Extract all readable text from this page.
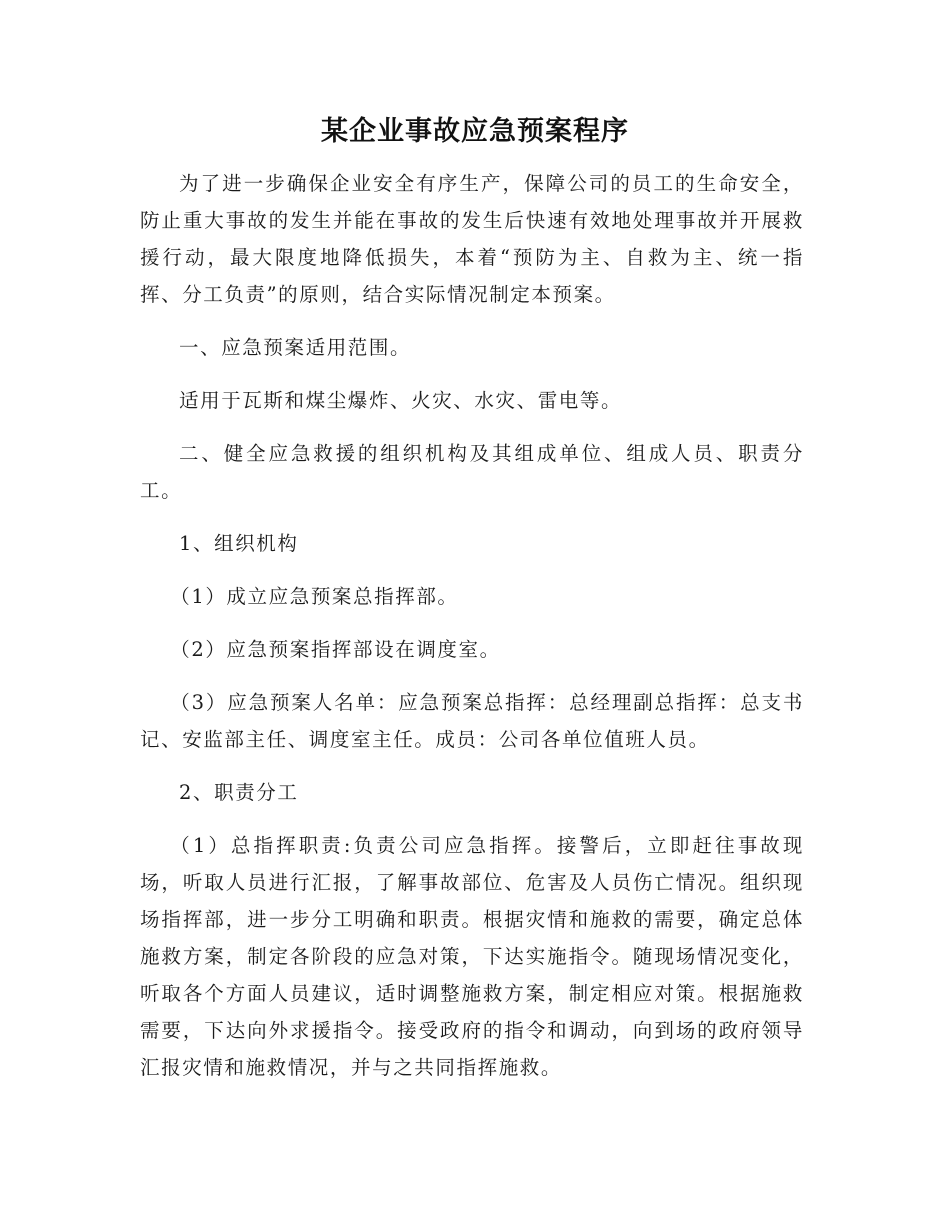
某企业事故应急预案程序

为了进一步确保企业安全有序生产，保障公司的员工的生命安全，防止重大事故的发生并能在事故的发生后快速有效地处理事故并开展救援行动，最大限度地降低损失，本着“预防为主、自救为主、统一指挥、分工负责”的原则，结合实际情况制定本预案。

一、应急预案适用范围。

适用于瓦斯和煤尘爆炸、火灾、水灾、雷电等。

二、健全应急救援的组织机构及其组成单位、组成人员、职责分工。

1、组织机构

（1）成立应急预案总指挥部。

（2）应急预案指挥部设在调度室。

（3）应急预案人名单：应急预案总指挥：总经理副总指挥：总支书记、安监部主任、调度室主任。成员：公司各单位值班人员。

2、职责分工

（1）总指挥职责:负责公司应急指挥。接警后，立即赶往事故现场，听取人员进行汇报，了解事故部位、危害及人员伤亡情况。组织现场指挥部，进一步分工明确和职责。根据灾情和施救的需要，确定总体施救方案，制定各阶段的应急对策，下达实施指令。随现场情况变化，听取各个方面人员建议，适时调整施救方案，制定相应对策。根据施救需要，下达向外求援指令。接受政府的指令和调动，向到场的政府领导汇报灾情和施救情况，并与之共同指挥施救。
